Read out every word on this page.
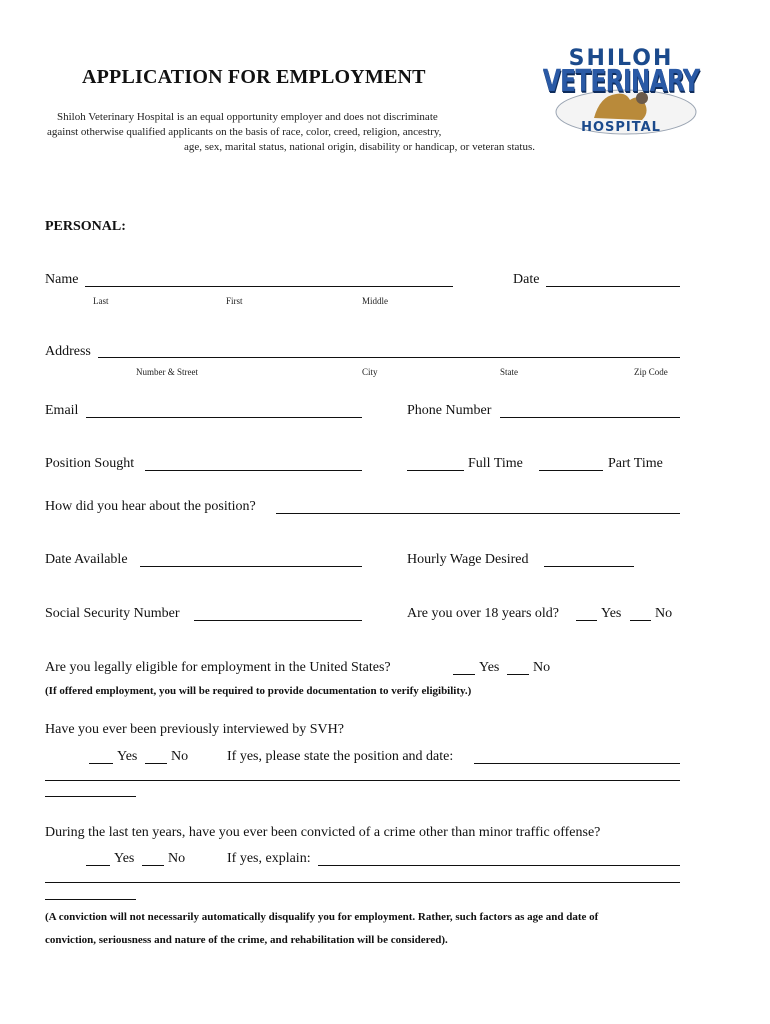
APPLICATION FOR EMPLOYMENT
Shiloh Veterinary Hospital is an equal opportunity employer and does not discriminate
against otherwise qualified applicants on the basis of race, color, creed, religion, ancestry,
age, sex, marital status, national origin, disability or handicap, or veteran status.
SHILOH
VETERINARY
HOSPITAL
PERSONAL:
Name	Date
Last	First	Middle
Address
Number & Street	City	State	Zip Code
Email	Phone Number
Position Sought	Full Time	Part Time
How did you hear about the position?
Date Available	Hourly Wage Desired
Social Security Number	Are you over 18 years old?	Yes No
Are you legally eligible for employment in the United States?	Yes No
(If offered employment, you will be required to provide documentation to verify eligibility.)
Have you ever been previously interviewed by SVH?
Yes No	If yes, please state the position and date:
During the last ten years, have you ever been convicted of a crime other than minor traffic offense?
Yes No	If yes, explain:
(A conviction will not necessarily automatically disqualify you for employment. Rather, such factors as age and date of
conviction, seriousness and nature of the crime, and rehabilitation will be considered).
